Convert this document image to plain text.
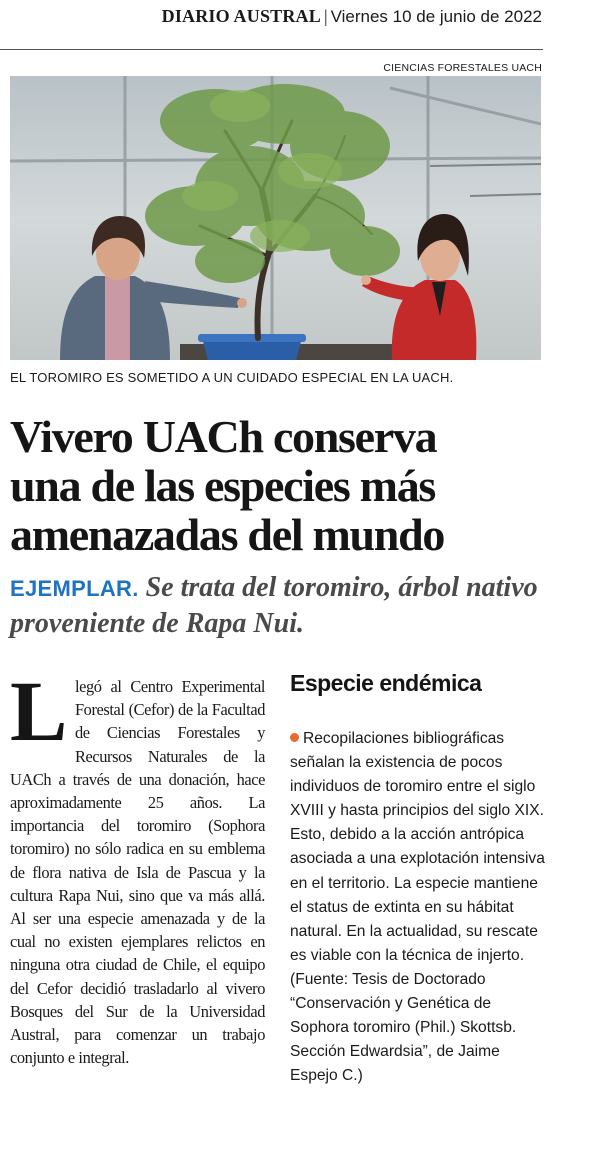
DIARIO AUSTRAL | Viernes 10 de junio de 2022
CIENCIAS FORESTALES UACH
EL TOROMIRO ES SOMETIDO A UN CUIDADO ESPECIAL EN LA UACH.
Vivero UACh conserva
una de las especies más
amenazadas del mundo

EJEMPLAR. Se trata del toromiro, árbol nativo proveniente de Rapa Nui.

L legó al Centro Experimental Forestal (Cefor) de la Facultad de Ciencias Forestales y Recursos Naturales de la UACh a través de una donación, hace aproximadamente 25 años. La importancia del toromiro (Sophora toromiro) no sólo radica en su emblema de flora nativa de Isla de Pascua y la cultura Rapa Nui, sino que va más allá. Al ser una especie amenazada y de la cual no existen ejemplares relictos en ninguna otra ciudad de Chile, el equipo del Cefor decidió trasladarlo al vivero Bosques del Sur de la Universidad Austral, para comenzar un trabajo conjunto e integral.
Especie endémica

Recopilaciones bibliográficas señalan la existencia de pocos individuos de toromiro entre el siglo XVIII y hasta principios del siglo XIX. Esto, debido a la acción antrópica asociada a una explotación intensiva en el territorio. La especie mantiene el status de extinta en su hábitat natural. En la actualidad, su rescate es viable con la técnica de injerto. (Fuente: Tesis de Doctorado “Conservación y Genética de Sophora toromiro (Phil.) Skottsb. Sección Edwardsia”, de Jaime Espejo C.)
